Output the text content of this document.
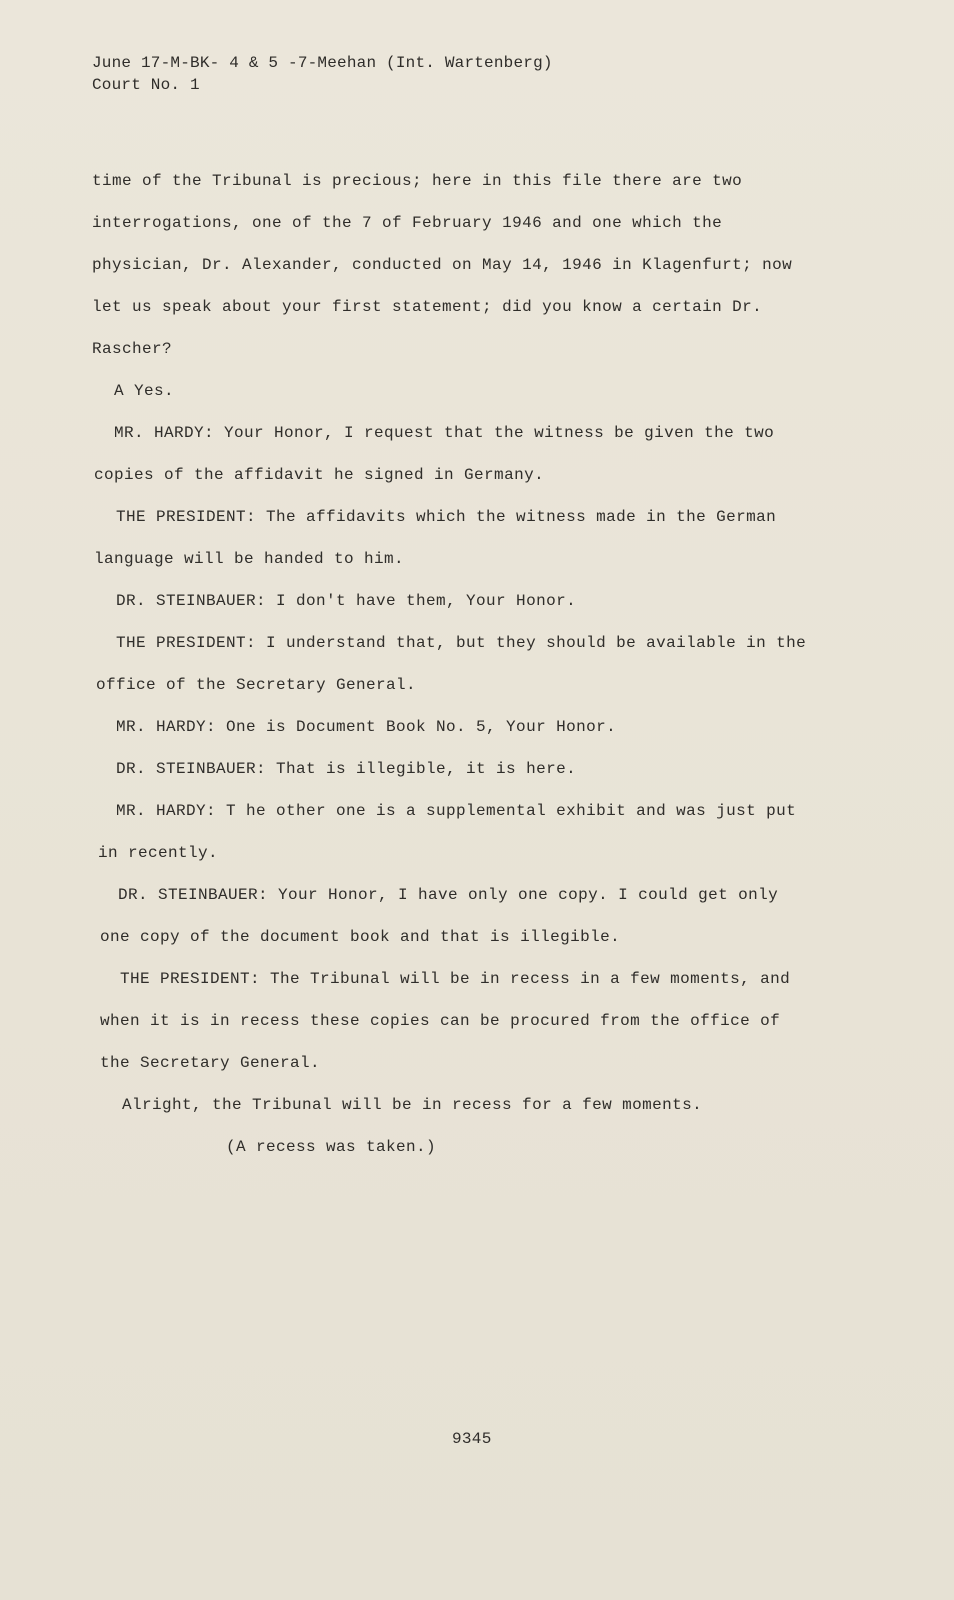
June 17-M-BK- 4 & 5 -7-Meehan (Int. Wartenberg)
Court No. 1
time of the Tribunal is precious; here in this file there are two
interrogations, one of the 7 of February 1946 and one which the
physician, Dr. Alexander, conducted on May 14, 1946 in Klagenfurt; now
let us speak about your first statement; did you know a certain Dr.
Rascher?
A Yes.
MR. HARDY: Your Honor, I request that the witness be given the two
copies of the affidavit he signed in Germany.
THE PRESIDENT: The affidavits which the witness made in the German
language will be handed to him.
DR. STEINBAUER: I don't have them, Your Honor.
THE PRESIDENT: I understand that, but they should be available in the
office of the Secretary General.
MR. HARDY: One is Document Book No. 5, Your Honor.
DR. STEINBAUER: That is illegible, it is here.
MR. HARDY: T he other one is a supplemental exhibit and was just put
in recently.
DR. STEINBAUER: Your Honor, I have only one copy. I could get only
one copy of the document book and that is illegible.
THE PRESIDENT: The Tribunal will be in recess in a few moments, and
when it is in recess these copies can be procured from the office of
the Secretary General.
Alright, the Tribunal will be in recess for a few moments.
(A recess was taken.)
9345
